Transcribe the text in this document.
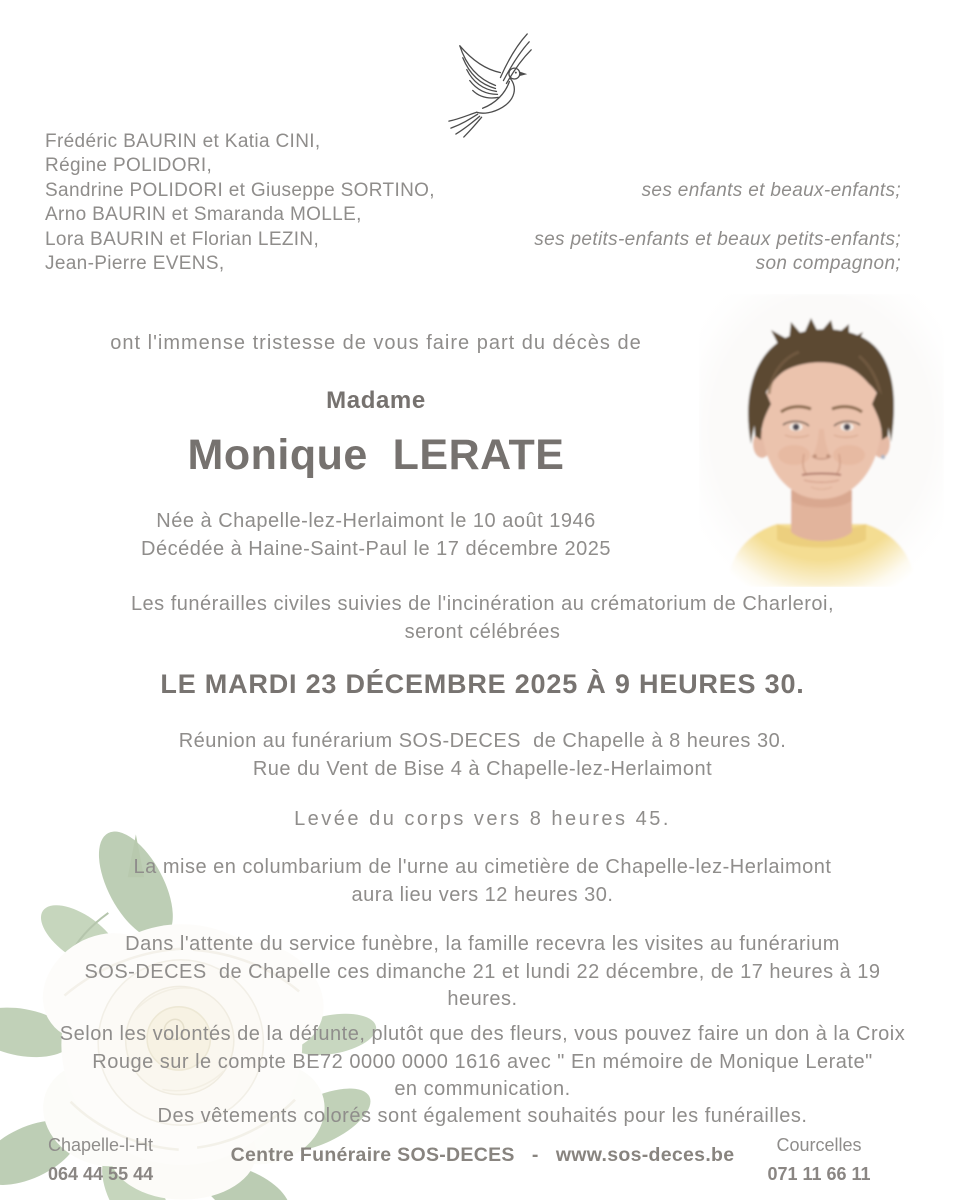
Frédéric BAURIN et Katia CINI,
Régine POLIDORI,
Sandrine POLIDORI et Giuseppe SORTINO,	ses enfants et beaux-enfants;
Arno BAURIN et Smaranda MOLLE,
Lora BAURIN et Florian LEZIN,	ses petits-enfants et beaux petits-enfants;
Jean-Pierre EVENS,	son compagnon;
ont l'immense tristesse de vous faire part du décès de
Madame
Monique  LERATE
Née à Chapelle-lez-Herlaimont le 10 août 1946
Décédée à Haine-Saint-Paul le 17 décembre 2025
Les funérailles civiles suivies de l'incinération au crématorium de Charleroi,
seront célébrées
LE MARDI 23 DÉCEMBRE 2025 À 9 HEURES 30.
Réunion au funérarium SOS-DECES  de Chapelle à 8 heures 30.
Rue du Vent de Bise 4 à Chapelle-lez-Herlaimont
Levée du corps vers 8 heures 45.
La mise en columbarium de l'urne au cimetière de Chapelle-lez-Herlaimont
aura lieu vers 12 heures 30.
Dans l'attente du service funèbre, la famille recevra les visites au funérarium
SOS-DECES  de Chapelle ces dimanche 21 et lundi 22 décembre, de 17 heures à 19
heures.
Selon les volontés de la défunte, plutôt que des fleurs, vous pouvez faire un don à la Croix
Rouge sur le compte BE72 0000 0000 1616 avec " En mémoire de Monique Lerate"
en communication.
Des vêtements colorés sont également souhaités pour les funérailles.
Chapelle-l-Ht
064 44 55 44
Centre Funéraire SOS-DECES   -   www.sos-deces.be	Courcelles
071 11 66 11
